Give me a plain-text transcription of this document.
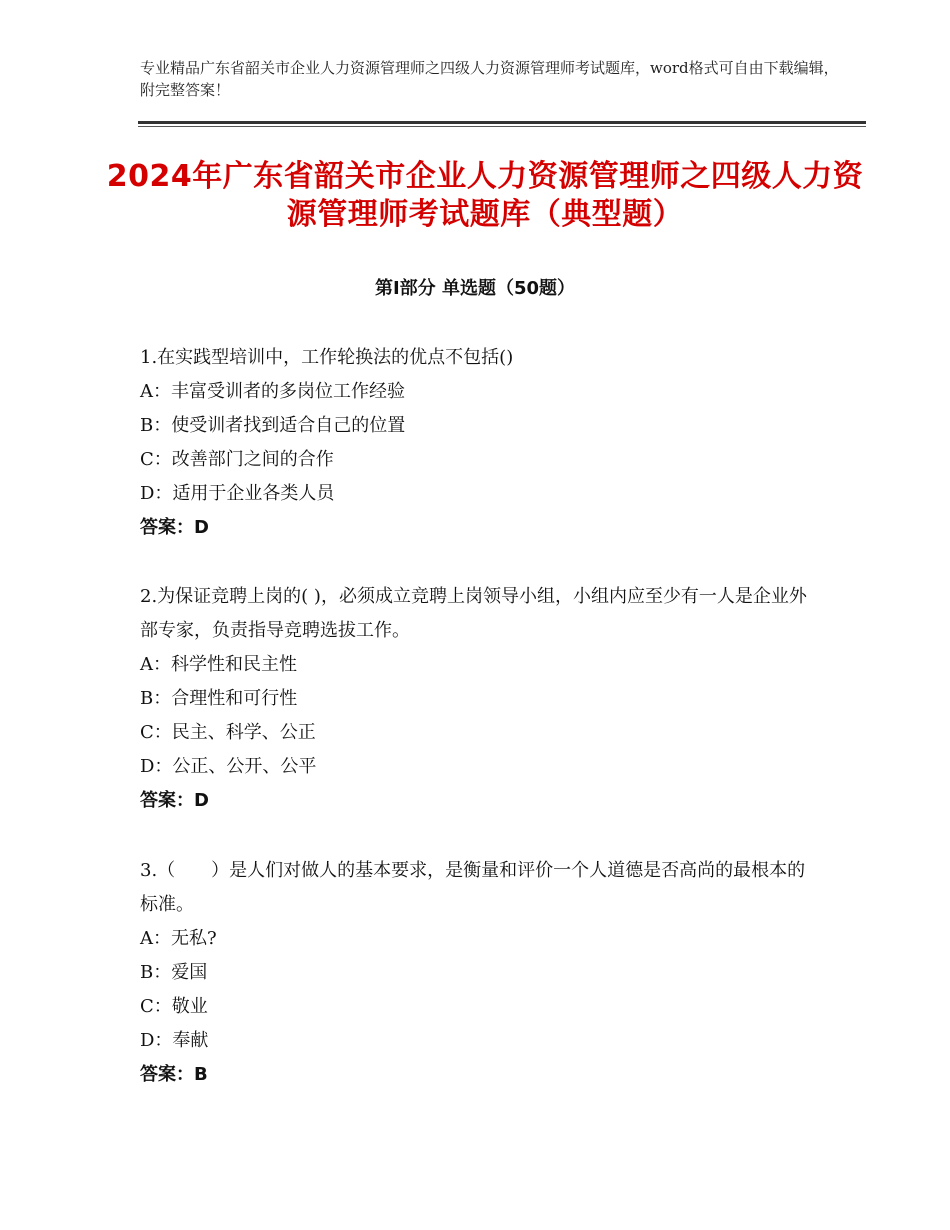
专业精品广东省韶关市企业人力资源管理师之四级人力资源管理师考试题库，word格式可自由下载编辑，附完整答案！
2024年广东省韶关市企业人力资源管理师之四级人力资源管理师考试题库（典型题）
第Ⅰ部分 单选题（50题）
1.在实践型培训中，工作轮换法的优点不包括()
A：丰富受训者的多岗位工作经验
B：使受训者找到适合自己的位置
C：改善部门之间的合作
D：适用于企业各类人员
答案：D
2.为保证竞聘上岗的( )，必须成立竞聘上岗领导小组，小组内应至少有一人是企业外部专家，负责指导竞聘选拔工作。
A：科学性和民主性
B：合理性和可行性
C：民主、科学、公正
D：公正、公开、公平
答案：D
3.（　　）是人们对做人的基本要求，是衡量和评价一个人道德是否高尚的最根本的标准。
A：无私?
B：爱国
C：敬业
D：奉献
答案：B
